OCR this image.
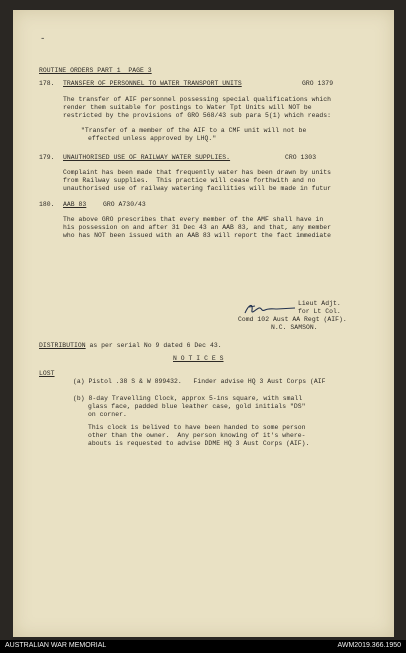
-
ROUTINE ORDERS PART 1  PAGE 3
178. TRANSFER OF PERSONNEL TO WATER TRANSPORT UNITS	GRO 1379
The transfer of AIF personnel possessing special qualifications which
render them suitable for postings to Water Tpt Units will NOT be
restricted by the provisions of GRO 568/43 sub para 5(1) which reads:
"Transfer of a member of the AIF to a CMF unit will not be
effected unless approved by LHQ."
179. UNAUTHORISED USE OF RAILWAY WATER SUPPLIES.	CRO 1303
Complaint has been made that frequently water has been drawn by units
from Railway supplies.  This practice will cease forthwith and no
unauthorised use of railway watering facilities will be made in futur
180. AAB 83	GRO A730/43
The above GRO prescribes that every member of the AMF shall have in
his possession on and after 31 Dec 43 an AAB 83, and that, any member
who has NOT been issued with an AAB 83 will report the fact immediate
Lieut Adjt.
for Lt Col.
Comd 102 Aust AA Regt (AIF).
N.C. SAMSON.
DISTRIBUTION as per serial No 9 dated 6 Dec 43.
N O T I C E S
LOST
(a) Pistol .38 S & W 899432.   Finder advise HQ 3 Aust Corps (AIF
(b) 8-day Travelling Clock, approx 5-ins square, with small
glass face, padded blue leather case, gold initials "DS"
on corner.
This clock is belived to have been handed to some person
other than the owner.  Any person knowing of it's where-
abouts is requested to advise DDME HQ 3 Aust Corps (AIF).
AUSTRALIAN WAR MEMORIAL	AWM2019.366.1950
